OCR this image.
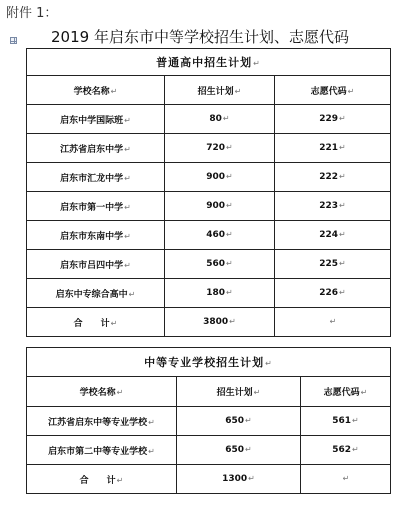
附件 1：
2019 年启东市中等学校招生计划、志愿代码
普通高中招生计划↵		
学校名称↵	招生计划↵	志愿代码↵
启东中学国际班↵	80↵	229↵
江苏省启东中学↵	720↵	221↵
启东市汇龙中学↵	900↵	222↵
启东市第一中学↵	900↵	223↵
启东市东南中学↵	460↵	224↵
启东市吕四中学↵	560↵	225↵
启东中专综合高中↵	180↵	226↵
合　　计↵	3800↵	↵
中等专业学校招生计划↵		
学校名称↵	招生计划↵	志愿代码↵
江苏省启东中等专业学校↵	650↵	561↵
启东市第二中等专业学校↵	650↵	562↵
合　　计↵	1300↵	↵
